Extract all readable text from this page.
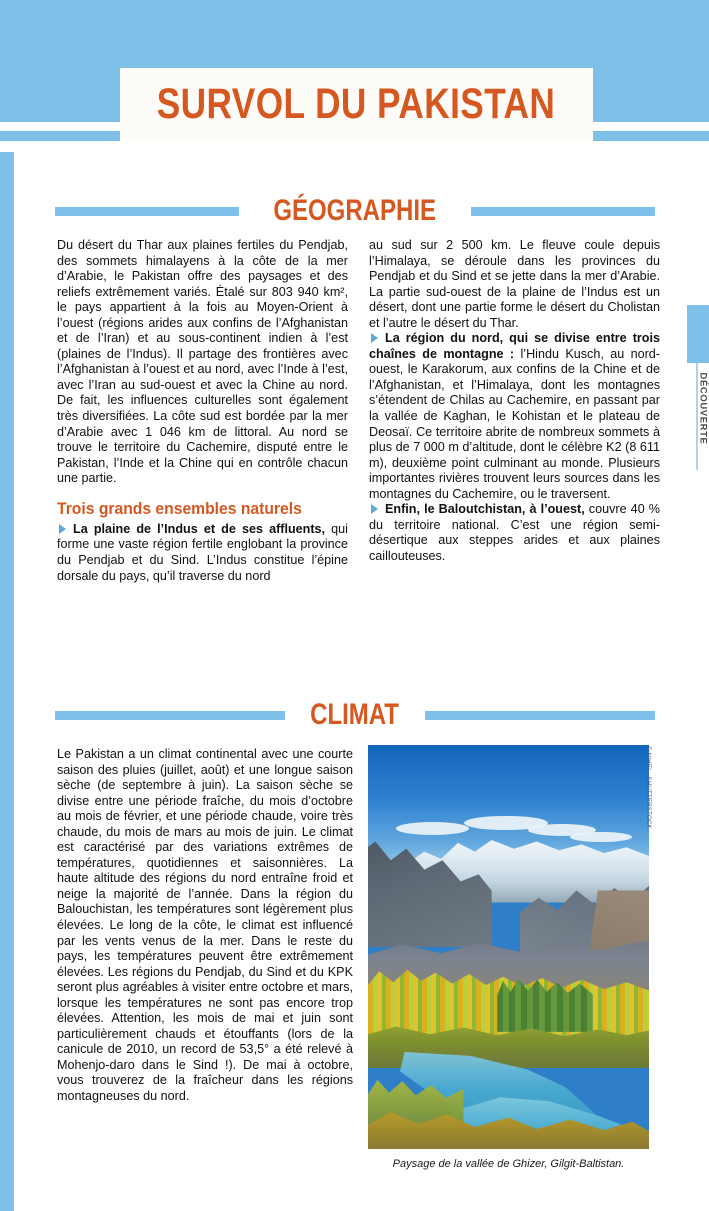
SURVOL DU PAKISTAN
DÉCOUVERTE
GÉOGRAPHIE

Du désert du Thar aux plaines fertiles du Pendjab, des sommets himalayens à la côte de la mer d’Arabie, le Pakistan offre des paysages et des reliefs extrêmement variés. Étalé sur 803 940 km², le pays appartient à la fois au Moyen-Orient à l’ouest (régions arides aux confins de l’Afghanistan et de l’Iran) et au sous-continent indien à l’est (plaines de l’Indus). Il partage des frontières avec l’Afghanistan à l’ouest et au nord, avec l’Inde à l’est, avec l’Iran au sud-ouest et avec la Chine au nord. De fait, les influences culturelles sont également très diversifiées. La côte sud est bordée par la mer d’Arabie avec 1 046 km de littoral. Au nord se trouve le territoire du Cachemire, disputé entre le Pakistan, l’Inde et la Chine qui en contrôle chacun une partie.

Trois grands ensembles naturels

La plaine de l’Indus et de ses affluents, qui forme une vaste région fertile englobant la province du Pendjab et du Sind. L’Indus constitue l’épine dorsale du pays, qu’il traverse du nord

au sud sur 2 500 km. Le fleuve coule depuis l’Himalaya, se déroule dans les provinces du Pendjab et du Sind et se jette dans la mer d’Arabie. La partie sud-ouest de la plaine de l’Indus est un désert, dont une partie forme le désert du Cholistan et l’autre le désert du Thar.

La région du nord, qui se divise entre trois chaînes de montagne : l’Hindu Kusch, au nord-ouest, le Karakorum, aux confins de la Chine et de l’Afghanistan, et l’Himalaya, dont les montagnes s’étendent de Chilas au Cachemire, en passant par la vallée de Kaghan, le Kohistan et le plateau de Deosaï. Ce territoire abrite de nombreux sommets à plus de 7 000 m d’altitude, dont le célèbre K2 (8 611 m), deuxième point culminant au monde. Plusieurs importantes rivières trouvent leurs sources dans les montagnes du Cachemire, ou le traversent.

Enfin, le Baloutchistan, à l’ouest, couvre 40 % du territoire national. C’est une région semi-désertique aux steppes arides et aux plaines caillouteuses.

CLIMAT

Le Pakistan a un climat continental avec une courte saison des pluies (juillet, août) et une longue saison sèche (de septembre à juin). La saison sèche se divise entre une période fraîche, du mois d’octobre au mois de février, et une période chaude, voire très chaude, du mois de mars au mois de juin. Le climat est caractérisé par des variations extrêmes de températures, quotidiennes et saisonnières. La haute altitude des régions du nord entraîne froid et neige la majorité de l’année. Dans la région du Balouchistan, les températures sont légèrement plus élevées. Le long de la côte, le climat est influencé par les vents venus de la mer. Dans le reste du pays, les températures peuvent être extrêmement élevées. Les régions du Pendjab, du Sind et du KPK seront plus agréables à visiter entre octobre et mars, lorsque les températures ne sont pas encore trop élevées. Attention, les mois de mai et juin sont particulièrement chauds et étouffants (lors de la canicule de 2010, un record de 53,5° a été relevé à Mohenjo-daro dans le Sind !). De mai à octobre, vous trouverez de la fraîcheur dans les régions montagneuses du nord.

© NIHEI - SHUTTERSTOCK
Paysage de la vallée de Ghizer, Gilgit-Baltistan.
